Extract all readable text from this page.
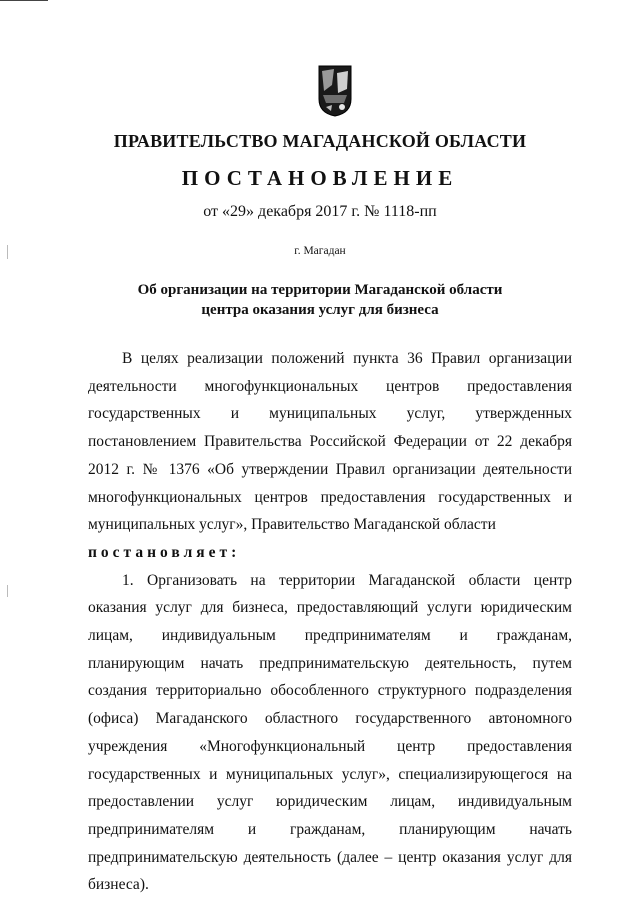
ПРАВИТЕЛЬСТВО МАГАДАНСКОЙ ОБЛАСТИ
ПОСТАНОВЛЕНИЕ
от «29» декабря 2017 г. № 1118-пп
г. Магадан
Об организации на территории Магаданской области
центра оказания услуг для бизнеса

В целях реализации положений пункта 36 Правил организации деятельности многофункциональных центров предоставления государственных и муниципальных услуг, утвержденных постановлением Правительства Российской Федерации от 22 декабря 2012 г. № 1376 «Об утверждении Правил организации деятельности многофункциональных центров предоставления государственных и муниципальных услуг», Правительство Магаданской области

постановляет:

1. Организовать на территории Магаданской области центр оказания услуг для бизнеса, предоставляющий услуги юридическим лицам, индивидуальным предпринимателям и гражданам, планирующим начать предпринимательскую деятельность, путем создания территориально обособленного структурного подразделения (офиса) Магаданского областного государственного автономного учреждения «Многофункциональный центр предоставления государственных и муниципальных услуг», специализирующегося на предоставлении услуг юридическим лицам, индивидуальным предпринимателям и гражданам, планирующим начать предпринимательскую деятельность (далее – центр оказания услуг для бизнеса).
